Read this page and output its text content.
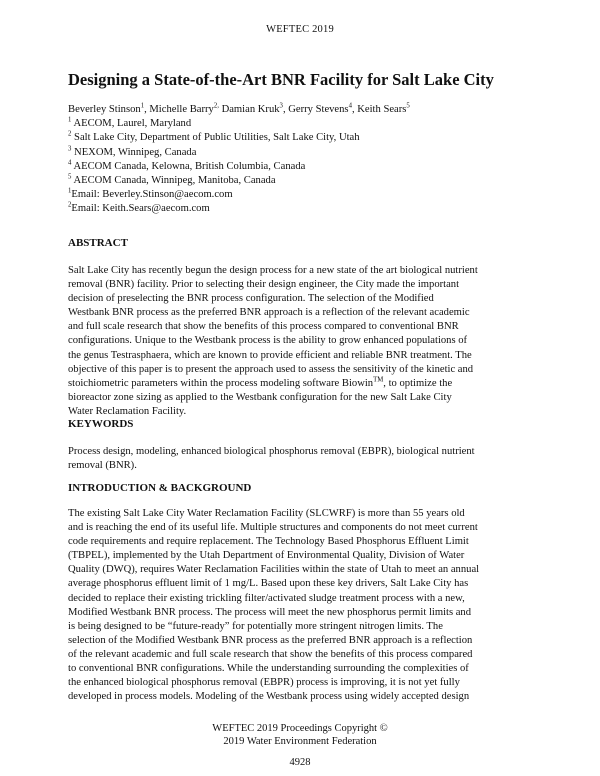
WEFTEC 2019
Designing a State-of-the-Art BNR Facility for Salt Lake City
Beverley Stinson$^1$, Michelle Barry$^{2,}$ Damian Kruk$^3$, Gerry Stevens$^4$, Keith Sears$^5$
$^1$ AECOM, Laurel, Maryland
$^2$ Salt Lake City, Department of Public Utilities, Salt Lake City, Utah
$^3$ NEXOM, Winnipeg, Canada
$^4$ AECOM Canada, Kelowna, British Columbia, Canada
$^5$ AECOM Canada, Winnipeg, Manitoba, Canada
$^1$Email: Beverley.Stinson@aecom.com
$^2$Email: Keith.Sears@aecom.com
ABSTRACT

Salt Lake City has recently begun the design process for a new state of the art biological nutrient
removal (BNR) facility. Prior to selecting their design engineer, the City made the important
decision of preselecting the BNR process configuration. The selection of the Modified
Westbank BNR process as the preferred BNR approach is a reflection of the relevant academic
and full scale research that show the benefits of this process compared to conventional BNR
configurations. Unique to the Westbank process is the ability to grow enhanced populations of
the genus Testrasphaera, which are known to provide efficient and reliable BNR treatment. The
objective of this paper is to present the approach used to assess the sensitivity of the kinetic and
stoichiometric parameters within the process modeling software Biowin™, to optimize the
bioreactor zone sizing as applied to the Westbank configuration for the new Salt Lake City
Water Reclamation Facility.

KEYWORDS

Process design, modeling, enhanced biological phosphorus removal (EBPR), biological nutrient
removal (BNR).

INTRODUCTION & BACKGROUND

The existing Salt Lake City Water Reclamation Facility (SLCWRF) is more than 55 years old
and is reaching the end of its useful life. Multiple structures and components do not meet current
code requirements and require replacement. The Technology Based Phosphorus Effluent Limit
(TBPEL), implemented by the Utah Department of Environmental Quality, Division of Water
Quality (DWQ), requires Water Reclamation Facilities within the state of Utah to meet an annual
average phosphorus effluent limit of 1 mg/L. Based upon these key drivers, Salt Lake City has
decided to replace their existing trickling filter/activated sludge treatment process with a new,
Modified Westbank BNR process. The process will meet the new phosphorus permit limits and
is being designed to be “future-ready” for potentially more stringent nitrogen limits. The
selection of the Modified Westbank BNR process as the preferred BNR approach is a reflection
of the relevant academic and full scale research that show the benefits of this process compared
to conventional BNR configurations. While the understanding surrounding the complexities of
the enhanced biological phosphorus removal (EBPR) process is improving, it is not yet fully
developed in process models. Modeling of the Westbank process using widely accepted design

WEFTEC 2019 Proceedings Copyright ©
2019 Water Environment Federation
4928
